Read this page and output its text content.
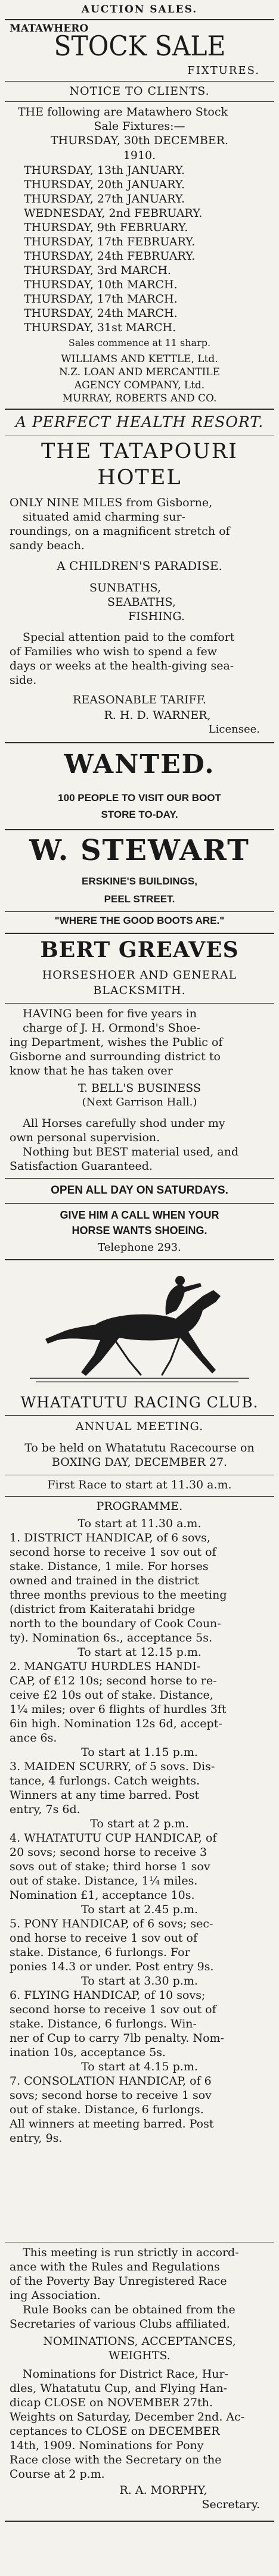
AUCTION SALES.
MATAWHERO
STOCK SALE
FIXTURES.
NOTICE TO CLIENTS.

THE following are Matawhero Stock

Sale Fixtures:—

THURSDAY, 30th DECEMBER.

1910.
THURSDAY, 13th JANUARY.
THURSDAY, 20th JANUARY.
THURSDAY, 27th JANUARY.
WEDNESDAY, 2nd FEBRUARY.
THURSDAY, 9th FEBRUARY.
THURSDAY, 17th FEBRUARY.
THURSDAY, 24th FEBRUARY.
THURSDAY, 3rd MARCH.
THURSDAY, 10th MARCH.
THURSDAY, 17th MARCH.
THURSDAY, 24th MARCH.
THURSDAY, 31st MARCH.
Sales commence at 11 sharp.

WILLIAMS AND KETTLE, Ltd.

N.Z. LOAN AND MERCANTILE

AGENCY COMPANY, Ltd.

MURRAY, ROBERTS AND CO.

A PERFECT HEALTH RESORT.
THE TATAPOURI
HOTEL

ONLY NINE MILES from Gisborne,

situated amid charming sur-

roundings, on a magnificent stretch of

sandy beach.

A CHILDREN'S PARADISE.
SUNBATHS,
SEABATHS,
FISHING.

Special attention paid to the comfort

of Families who wish to spend a few

days or weeks at the health-giving sea-

side.

REASONABLE TARIFF.
R. H. D. WARNER,
Licensee.
WANTED.
100 PEOPLE TO VISIT OUR BOOT
STORE TO-DAY.
W. STEWART
ERSKINE'S BUILDINGS,
PEEL STREET.
"WHERE THE GOOD BOOTS ARE."
BERT GREAVES
HORSESHOER AND GENERAL
BLACKSMITH.

HAVING been for five years in

charge of J. H. Ormond's Shoe-

ing Department, wishes the Public of

Gisborne and surrounding district to

know that he has taken over

T. BELL'S BUSINESS
(Next Garrison Hall.)

All Horses carefully shod under my

own personal supervision.

Nothing but BEST material used, and

Satisfaction Guaranteed.

OPEN ALL DAY ON SATURDAYS.
GIVE HIM A CALL WHEN YOUR
HORSE WANTS SHOEING.
Telephone 293.
WHATATUTU RACING CLUB.
ANNUAL MEETING.
To be held on Whatatutu Racecourse on
BOXING DAY, DECEMBER 27.
First Race to start at 11.30 a.m.
PROGRAMME.

To start at 11.30 a.m.

1. DISTRICT HANDICAP, of 6 sovs,

second horse to receive 1 sov out of

stake. Distance, 1 mile. For horses

owned and trained in the district

three months previous to the meeting

(district from Kaiteratahi bridge

north to the boundary of Cook Coun-

ty). Nomination 6s., acceptance 5s.

To start at 12.15 p.m.

2. MANGATU HURDLES HANDI-

CAP, of £12 10s; second horse to re-

ceive £2 10s out of stake. Distance,

1¼ miles; over 6 flights of hurdles 3ft

6in high. Nomination 12s 6d, accept-

ance 6s.

To start at 1.15 p.m.

3. MAIDEN SCURRY, of 5 sovs. Dis-

tance, 4 furlongs. Catch weights.

Winners at any time barred. Post

entry, 7s 6d.

To start at 2 p.m.

4. WHATATUTU CUP HANDICAP, of

20 sovs; second horse to receive 3

sovs out of stake; third horse 1 sov

out of stake. Distance, 1¼ miles.

Nomination £1, acceptance 10s.

To start at 2.45 p.m.

5. PONY HANDICAP, of 6 sovs; sec-

ond horse to receive 1 sov out of

stake. Distance, 6 furlongs. For

ponies 14.3 or under. Post entry 9s.

To start at 3.30 p.m.

6. FLYING HANDICAP, of 10 sovs;

second horse to receive 1 sov out of

stake. Distance, 6 furlongs. Win-

ner of Cup to carry 7lb penalty. Nom-

ination 10s, acceptance 5s.

To start at 4.15 p.m.

7. CONSOLATION HANDICAP, of 6

sovs; second horse to receive 1 sov

out of stake. Distance, 6 furlongs.

All winners at meeting barred. Post

entry, 9s.

This meeting is run strictly in accord-

ance with the Rules and Regulations

of the Poverty Bay Unregistered Race

ing Association.

Rule Books can be obtained from the

Secretaries of various Clubs affiliated.

NOMINATIONS, ACCEPTANCES,
WEIGHTS.

Nominations for District Race, Hur-

dles, Whatatutu Cup, and Flying Han-

dicap CLOSE on NOVEMBER 27th.

Weights on Saturday, December 2nd. Ac-

ceptances to CLOSE on DECEMBER

14th, 1909. Nominations for Pony

Race close with the Secretary on the

Course at 2 p.m.

R. A. MORPHY,
Secretary.
